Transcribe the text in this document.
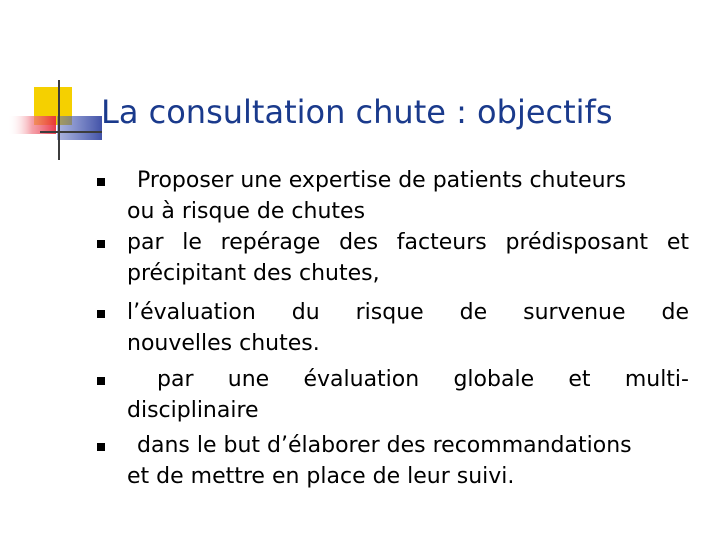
La consultation chute : objectifs

Proposer une expertise de patients chuteurs
ou à risque de chutes

par le repérage des facteurs prédisposant et
précipitant des chutes,

l’évaluation du risque de survenue de
nouvelles chutes.

par une évaluation globale et multi-
disciplinaire

dans le but d’élaborer des recommandations
et de mettre en place de leur suivi.
